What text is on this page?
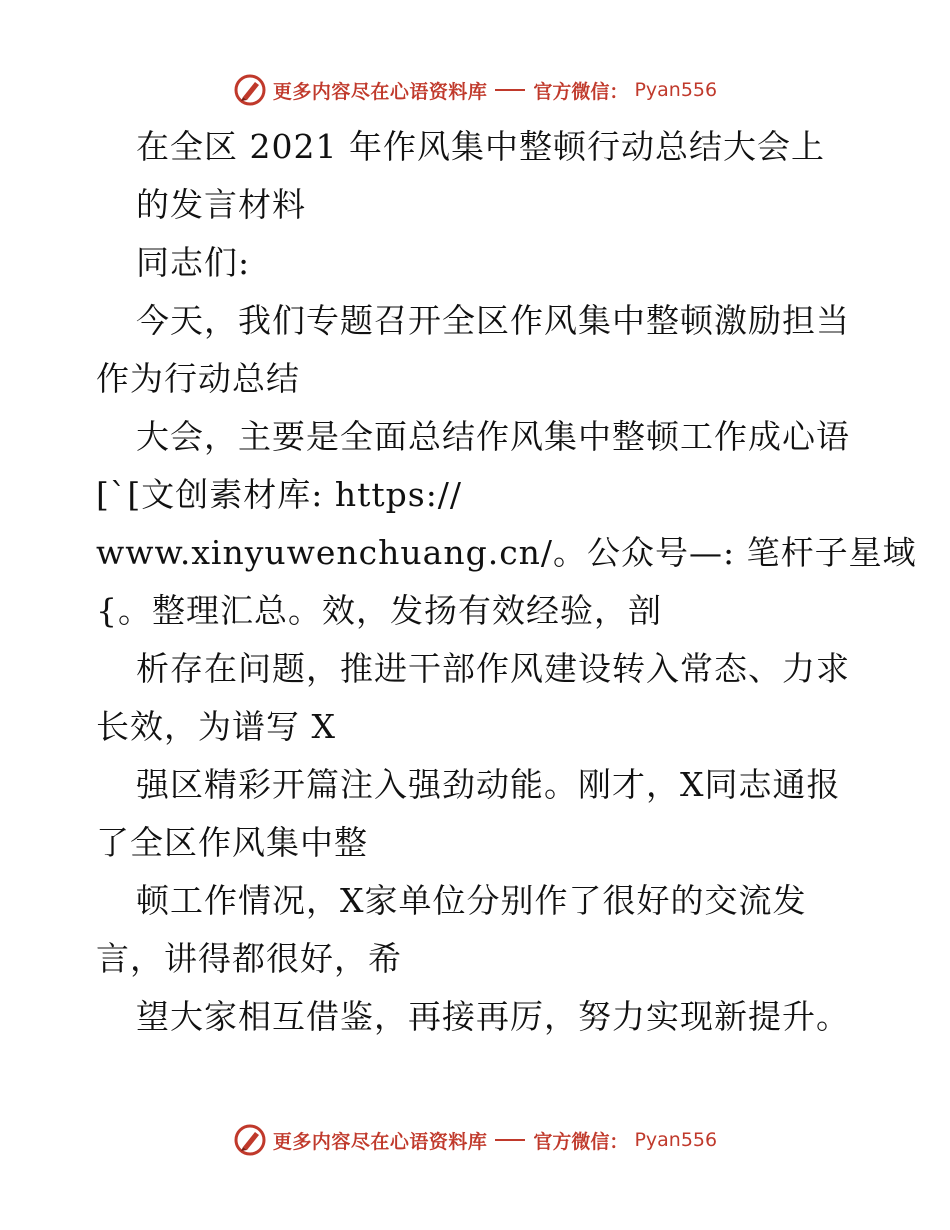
更多内容尽在心语资料库 官方微信： Pyan556
在全区 2021 年作风集中整顿行动总结大会上
的发言材料
同志们:
今天，我们专题召开全区作风集中整顿激励担当
作为行动总结
大会，主要是全面总结作风集中整顿工作成心语
[`[文创素材库: https://
www.xinyuwenchuang.cn/。公众号—: 笔杆子星域
{。整理汇总。效，发扬有效经验，剖
析存在问题，推进干部作风建设转入常态、力求
长效，为谱写 X
强区精彩开篇注入强劲动能。刚才，X同志通报
了全区作风集中整
顿工作情况，X家单位分别作了很好的交流发
言，讲得都很好，希
望大家相互借鉴，再接再厉，努力实现新提升。
更多内容尽在心语资料库 官方微信： Pyan556
